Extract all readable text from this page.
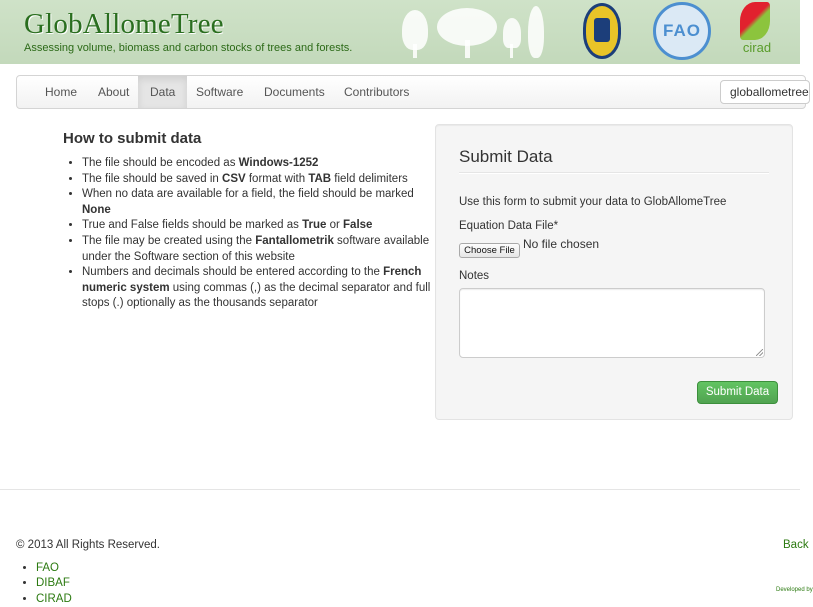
GlobAllomeTree
Assessing volume, biomass and carbon stocks of trees and forests.
FAO
cirad
Home	About	Data	Software	Documents	Contributors	globallometree
How to submit data
• The file should be encoded as Windows-1252
• The file should be saved in CSV format with TAB field delimiters
• When no data are available for a field, the field should be marked None
• True and False fields should be marked as True or False
• The file may be created using the Fantallometrik software available under the Software section of this website
• Numbers and decimals should be entered according to the French numeric system using commas (,) as the decimal separator and full stops (.) optionally as the thousands separator
Submit Data
Use this form to submit your data to GlobAllomeTree
Equation Data File*
Choose File No file chosen
Notes
Submit Data
© 2013 All Rights Reserved.	Back
• FAO
• DIBAF
• CIRAD
Developed by
